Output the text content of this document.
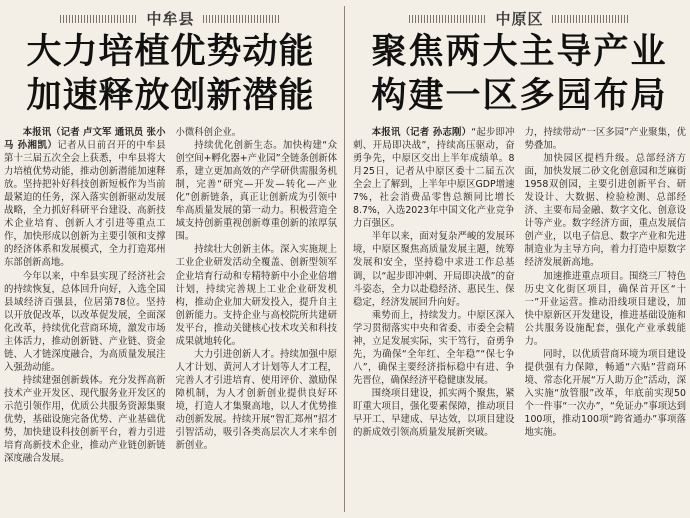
中牟县
大力培植优势动能
加速释放创新潜能

本报讯（记者 卢文军 通讯员 张小马 孙湘凯）记者从日前召开的中牟县第十三届五次全会上获悉，中牟县将大力培植优势动能，推动创新潜能加速释放。坚持把补好科技创新短板作为当前最紧迫的任务，深入落实创新驱动发展战略，全力抓好科研平台建设、高新技术企业培育、创新人才引进等重点工作，加快形成以创新为主要引领和支撑的经济体系和发展模式，全力打造郑州东部创新高地。

今年以来，中牟县实现了经济社会的持续恢复，总体回升向好，入选全国县域经济百强县，位居第78位。坚持以开放促改革，以改革促发展，全面深化改革，持续优化营商环境，激发市场主体活力，推动创新链、产业链、资金链、人才链深度融合，为高质量发展注入强劲动能。

持续建强创新载体。充分发挥高新技术产业开发区、现代服务业开发区的示范引领作用，优质公共服务资源集聚优势，基础设施完备优势、产业基础优势，加快建设科技创新平台，着力引进培育高新技术企业，推动产业链创新链深度融合发展。

小微科创企业。

持续优化创新生态。加快构建“众创空间+孵化器+产业园”全链条创新体系，建立更加高效的产学研供需服务机制，完善“研究—开发—转化—产业化”创新链条，真正让创新成为引领中牟高质量发展的第一动力。积极营造全域支持创新重视创新尊重创新的浓厚氛围。

持续壮大创新主体。深入实施规上工业企业研发活动全覆盖、创新型领军企业培育行动和专精特新中小企业倍增计划，持续完善规上工业企业研发机构，推动企业加大研发投入，提升自主创新能力。支持企业与高校院所共建研发平台，推动关键核心技术攻关和科技成果就地转化。

大力引进创新人才。持续加强中原人才计划、黄河人才计划等人才工程，完善人才引进培育、使用评价、激励保障机制，为人才创新创业提供良好环境，打造人才集聚高地，以人才优势推动创新发展。持续开展“智汇郑州”招才引智活动，吸引各类高层次人才来牟创新创业。

中原区
聚焦两大主导产业
构建一区多园布局

本报讯（记者 孙志刚）“起步即冲刺、开局即决战”，持续高压驱动，奋勇争先，中原区交出上半年成绩单。8月25日，记者从中原区委十二届五次全会上了解到，上半年中原区GDP增速7%，社会消费品零售总额同比增长8.7%，入选2023年中国文化产业竞争力百强区。

半年以来，面对复杂严峻的发展环境，中原区聚焦高质量发展主题，统筹发展和安全，坚持稳中求进工作总基调，以“起步即冲刺、开局即决战”的奋斗姿态，全力以赴稳经济、惠民生、保稳定，经济发展回升向好。

乘势而上，持续发力。中原区深入学习贯彻落实中央和省委、市委全会精神，立足发展实际，实干笃行，奋勇争先，为确保“全年红、全年稳”“保七争八”，确保主要经济指标稳中有进、争先晋位，确保经济平稳健康发展。

围绕项目建设，抓实两个聚焦，紧盯重大项目，强化要素保障，推动项目早开工、早建成、早达效，以项目建设的新成效引领高质量发展新突破。

力，持续带动“一区多园”产业聚集，优势叠加。

加快园区提档升级。总部经济方面，加快发展二砂文化创意园和芝麻街1958双创园，主要引进创新平台、研发设计、大数据、检验检测、总部经济、主要布局金融、数字文化、创意设计等产业。数字经济方面，重点发展信创产业，以电子信息、数字产业和先进制造业为主导方向，着力打造中原数字经济发展新高地。

加速推进重点项目。围绕三厂特色历史文化街区项目，确保首开区“十一”开业运营。推动沿线项目建设，加快中原新区开发建设，推进基础设施和公共服务设施配套，强化产业承载能力。

同时，以优质营商环境为项目建设提供强有力保障，畅通“六贴”营商环境、常态化开展“万人助万企”活动，深入实施“放管服”改革，年底前实现50个一件事“一次办”，“免证办”事项达到100项，推动100项“跨省通办”事项落地实施。
